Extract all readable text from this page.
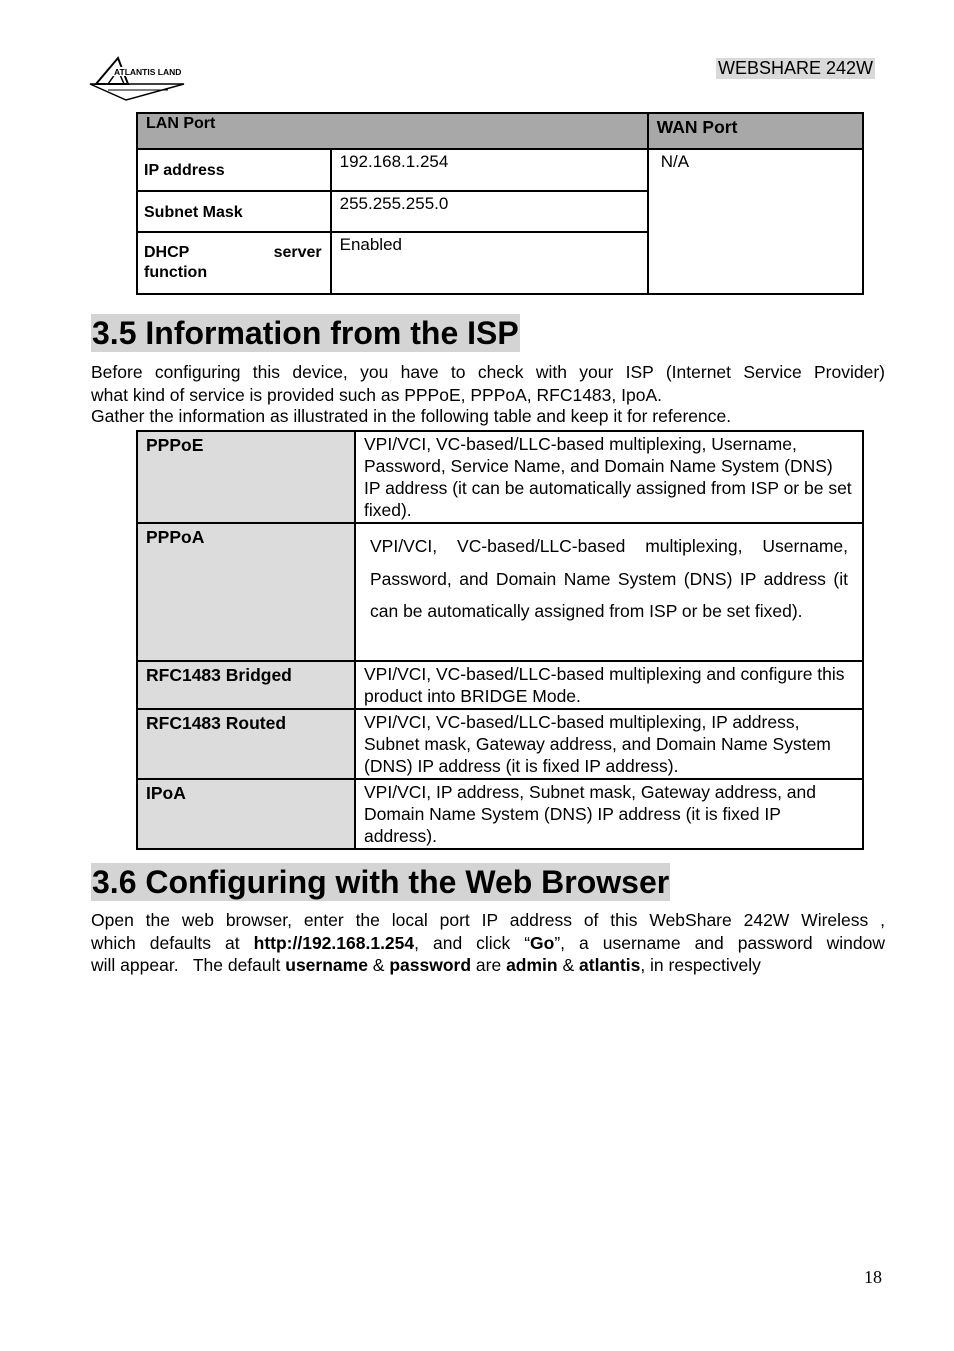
ATLANTIS LAND	WEBSHARE 242W
LAN Port		WAN Port
IP address	192.168.1.254	N/A
Subnet Mask	255.255.255.0	

DHCP server
function	Enabled	
3.5 Information from the ISP
Before configuring this device, you have to check with your ISP (Internet Service Provider)
what kind of service is provided such as PPPoE, PPPoA, RFC1483, IpoA.
Gather the information as illustrated in the following table and keep it for reference.
PPPoE	VPI/VCI, VC-based/LLC-based multiplexing, Username, Password, Service Name, and Domain Name System (DNS) IP address (it can be automatically assigned from ISP or be set fixed).
PPPoA	VPI/VCI, VC-based/LLC-based multiplexing, Username, Password, and Domain Name System (DNS) IP address (it can be automatically assigned from ISP or be set fixed).
RFC1483 Bridged	VPI/VCI, VC-based/LLC-based multiplexing and configure this product into BRIDGE Mode.
RFC1483 Routed	VPI/VCI, VC-based/LLC-based multiplexing, IP address, Subnet mask, Gateway address, and Domain Name System (DNS) IP address (it is fixed IP address).
IPoA	VPI/VCI, IP address, Subnet mask, Gateway address, and Domain Name System (DNS) IP address (it is fixed IP address).
3.6 Configuring with the Web Browser
Open the web browser, enter the local port IP address of this WebShare 242W Wireless ,
which defaults at http://192.168.1.254, and click “Go”, a username and password window
will appear.   The default username & password are admin & atlantis, in respectively
18
